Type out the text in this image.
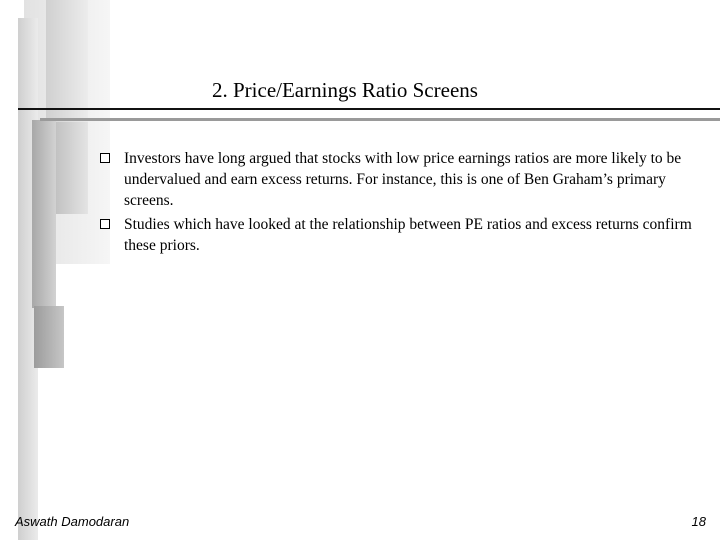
2. Price/Earnings Ratio Screens
Investors have long argued that stocks with low price earnings ratios are more likely to be undervalued and earn excess returns. For instance, this is one of Ben Graham’s primary screens.
Studies which have looked at the relationship between PE ratios and excess returns confirm these priors.
Aswath Damodaran	18
